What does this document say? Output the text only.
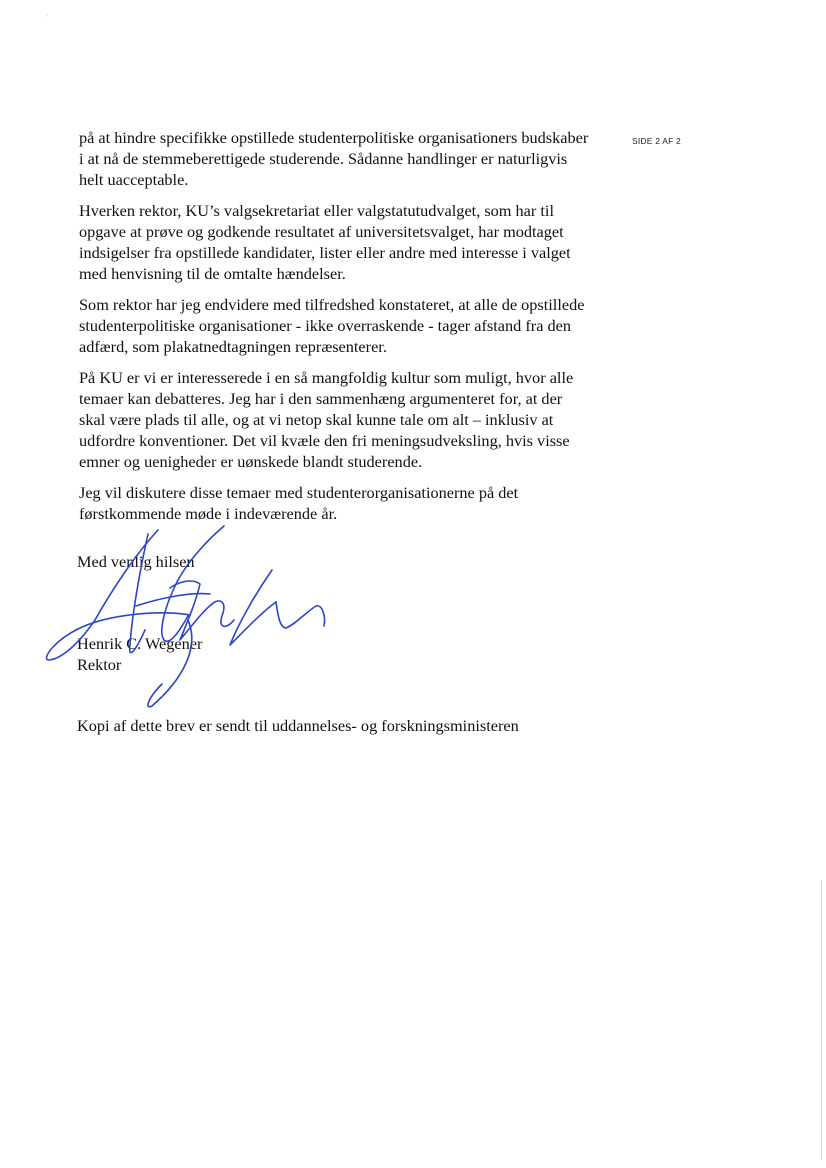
ˊ
SIDE 2 AF 2

på at hindre specifikke opstillede studenterpolitiske organisationers budskaber i at nå de stemmeberettigede studerende. Sådanne handlinger er naturligvis helt uacceptable.

Hverken rektor, KU’s valgsekretariat eller valgstatutudvalget, som har til opgave at prøve og godkende resultatet af universitetsvalget, har modtaget indsigelser fra opstillede kandidater, lister eller andre med interesse i valget med henvisning til de omtalte hændelser.

Som rektor har jeg endvidere med tilfredshed konstateret, at alle de opstillede studenterpolitiske organisationer - ikke overraskende - tager afstand fra den adfærd, som plakatnedtagningen repræsenterer.

På KU er vi er interesserede i en så mangfoldig kultur som muligt, hvor alle temaer kan debatteres. Jeg har i den sammenhæng argumenteret for, at der skal være plads til alle, og at vi netop skal kunne tale om alt – inklusiv at udfordre konventioner. Det vil kvæle den fri meningsudveksling, hvis visse emner og uenigheder er uønskede blandt studerende.

Jeg vil diskutere disse temaer med studenterorganisationerne på det førstkommende møde i indeværende år.

Med venlig hilsen
Henrik C. Wegener
Rektor
Kopi af dette brev er sendt til uddannelses- og forskningsministeren
